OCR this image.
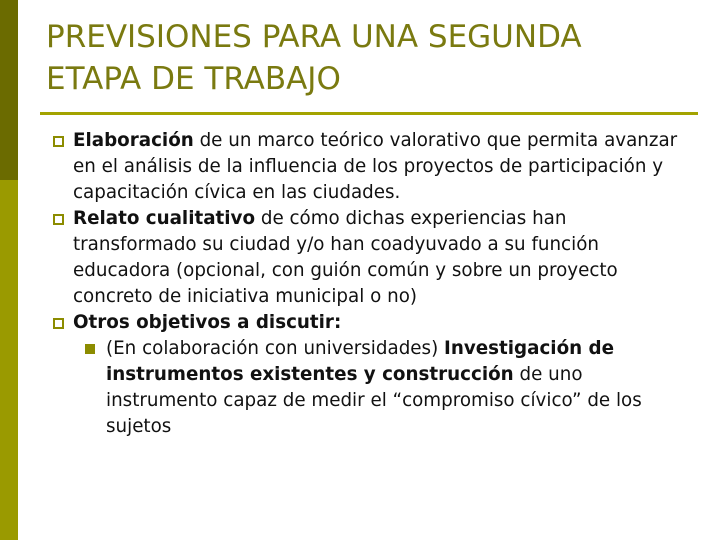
PREVISIONES PARA UNA SEGUNDA
ETAPA DE TRABAJO
Elaboración de un marco teórico valorativo que permita avanzar en el análisis de la influencia de los proyectos de participación y capacitación cívica en las ciudades.
Relato cualitativo de cómo dichas experiencias han transformado su ciudad y/o han coadyuvado a su función educadora (opcional, con guión común y sobre un proyecto concreto de iniciativa municipal o no)
Otros objetivos a discutir:
(En colaboración con universidades) Investigación de instrumentos existentes y construcción de uno instrumento capaz de medir el “compromiso cívico” de los sujetos
